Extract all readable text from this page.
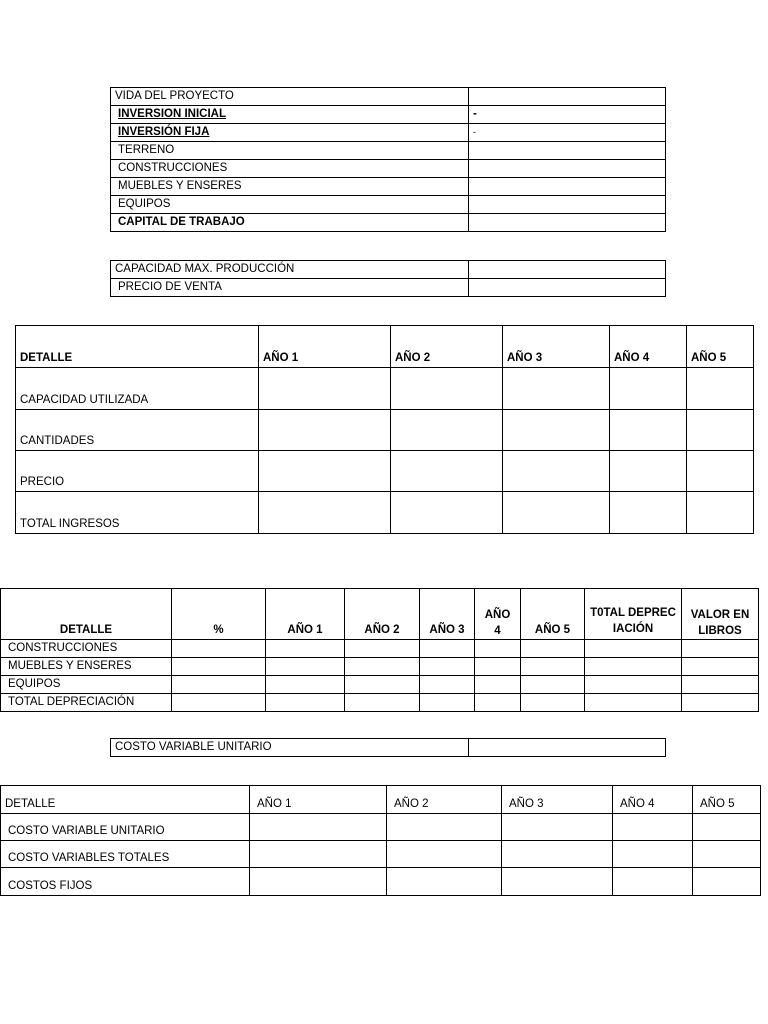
VIDA DEL PROYECTO	
INVERSION INICIAL	-
INVERSIÓN FIJA	-
TERRENO	
CONSTRUCCIONES	
MUEBLES Y ENSERES	
EQUIPOS	
CAPITAL DE TRABAJO	
CAPACIDAD MAX. PRODUCCIÓN	
PRECIO DE VENTA	
DETALLE	AÑO 1	AÑO 2	AÑO 3	AÑO 4	AÑO 5
CAPACIDAD UTILIZADA					
CANTIDADES					
PRECIO					
TOTAL INGRESOS					
DETALLE	%	AÑO 1	AÑO 2	AÑO 3	AÑO 4	AÑO 5	T0TAL DEPRECIACIÓN	VALOR EN LIBROS
CONSTRUCCIONES								
MUEBLES Y ENSERES								
EQUIPOS								
TOTAL DEPRECIACIÓN								
COSTO VARIABLE UNITARIO	
DETALLE	AÑO 1	AÑO 2	AÑO 3	AÑO 4	AÑO 5
COSTO VARIABLE UNITARIO					
COSTO VARIABLES TOTALES					
COSTOS FIJOS					
